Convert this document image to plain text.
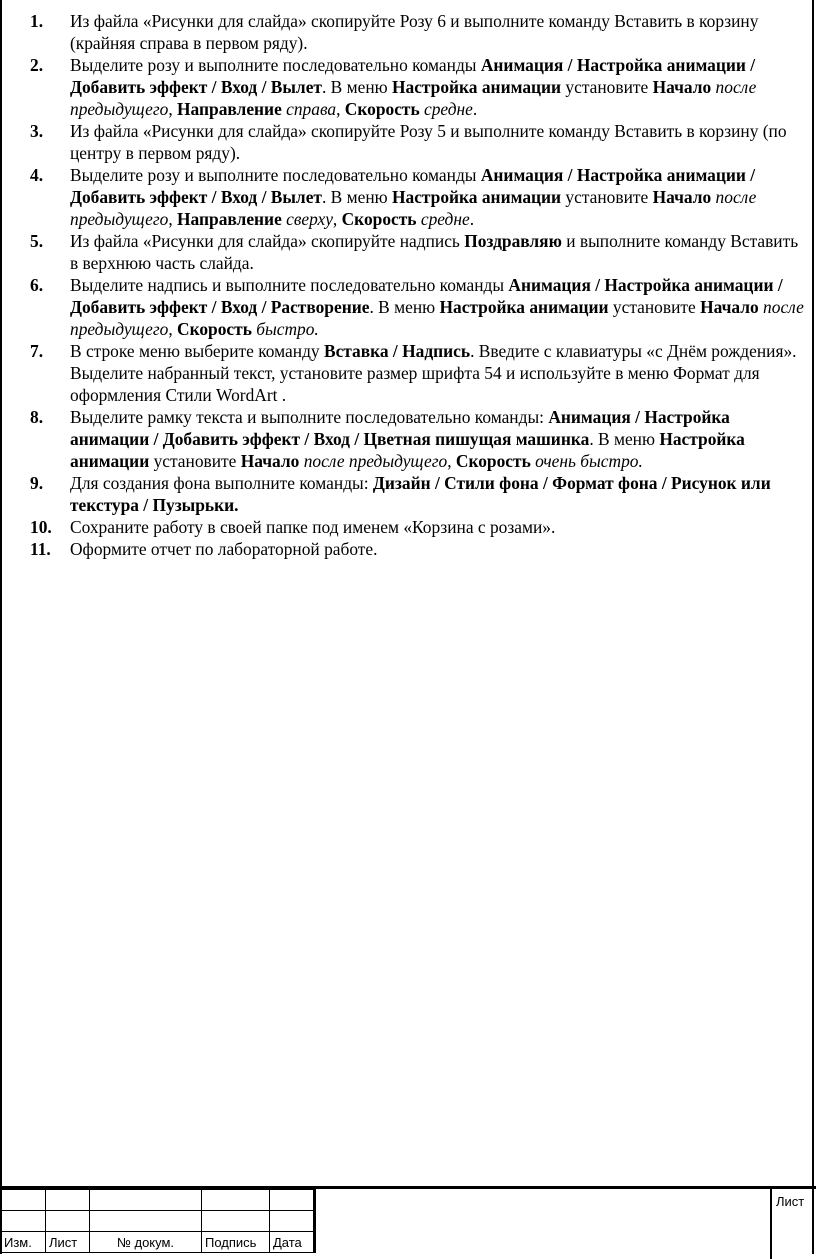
1.	Из файла «Рисунки для слайда» скопируйте Розу 6 и выполните команду Вставить в корзину (крайняя справа в первом ряду).
2.	Выделите розу и выполните последовательно команды Анимация / Настройка анимации / Добавить эффект / Вход / Вылет. В меню Настройка анимации установите Начало после предыдущего, Направление справа, Скорость средне.
3.	Из файла «Рисунки для слайда» скопируйте Розу 5 и выполните команду Вставить в корзину (по центру в первом ряду).
4.	Выделите розу и выполните последовательно команды Анимация / Настройка анимации / Добавить эффект / Вход / Вылет. В меню Настройка анимации установите Начало после предыдущего, Направление сверху, Скорость средне.
5.	Из файла «Рисунки для слайда» скопируйте надпись Поздравляю и выполните команду Вставить в верхнюю часть слайда.
6.	Выделите надпись и выполните последовательно команды Анимация / Настройка анимации / Добавить эффект / Вход / Растворение. В меню Настройка анимации установите Начало после предыдущего, Скорость быстро.
7.	В строке меню выберите команду Вставка / Надпись. Введите с клавиатуры «с Днём рождения». Выделите набранный текст, установите размер шрифта 54 и используйте в меню Формат для оформления Стили WordArt .
8.	Выделите рамку текста и выполните последовательно команды: Анимация / Настройка анимации / Добавить эффект / Вход / Цветная пишущая машинка. В меню Настройка анимации установите Начало после предыдущего, Скорость очень быстро.
9.	Для создания фона выполните команды: Дизайн / Стили фона / Формат фона / Рисунок или текстура / Пузырьки.
10.	Сохраните работу в своей папке под именем «Корзина с розами».
11.	Оформите отчет по лабораторной работе.

Изм.	Лист	№ докум.	Подпись	Дата
Лист
